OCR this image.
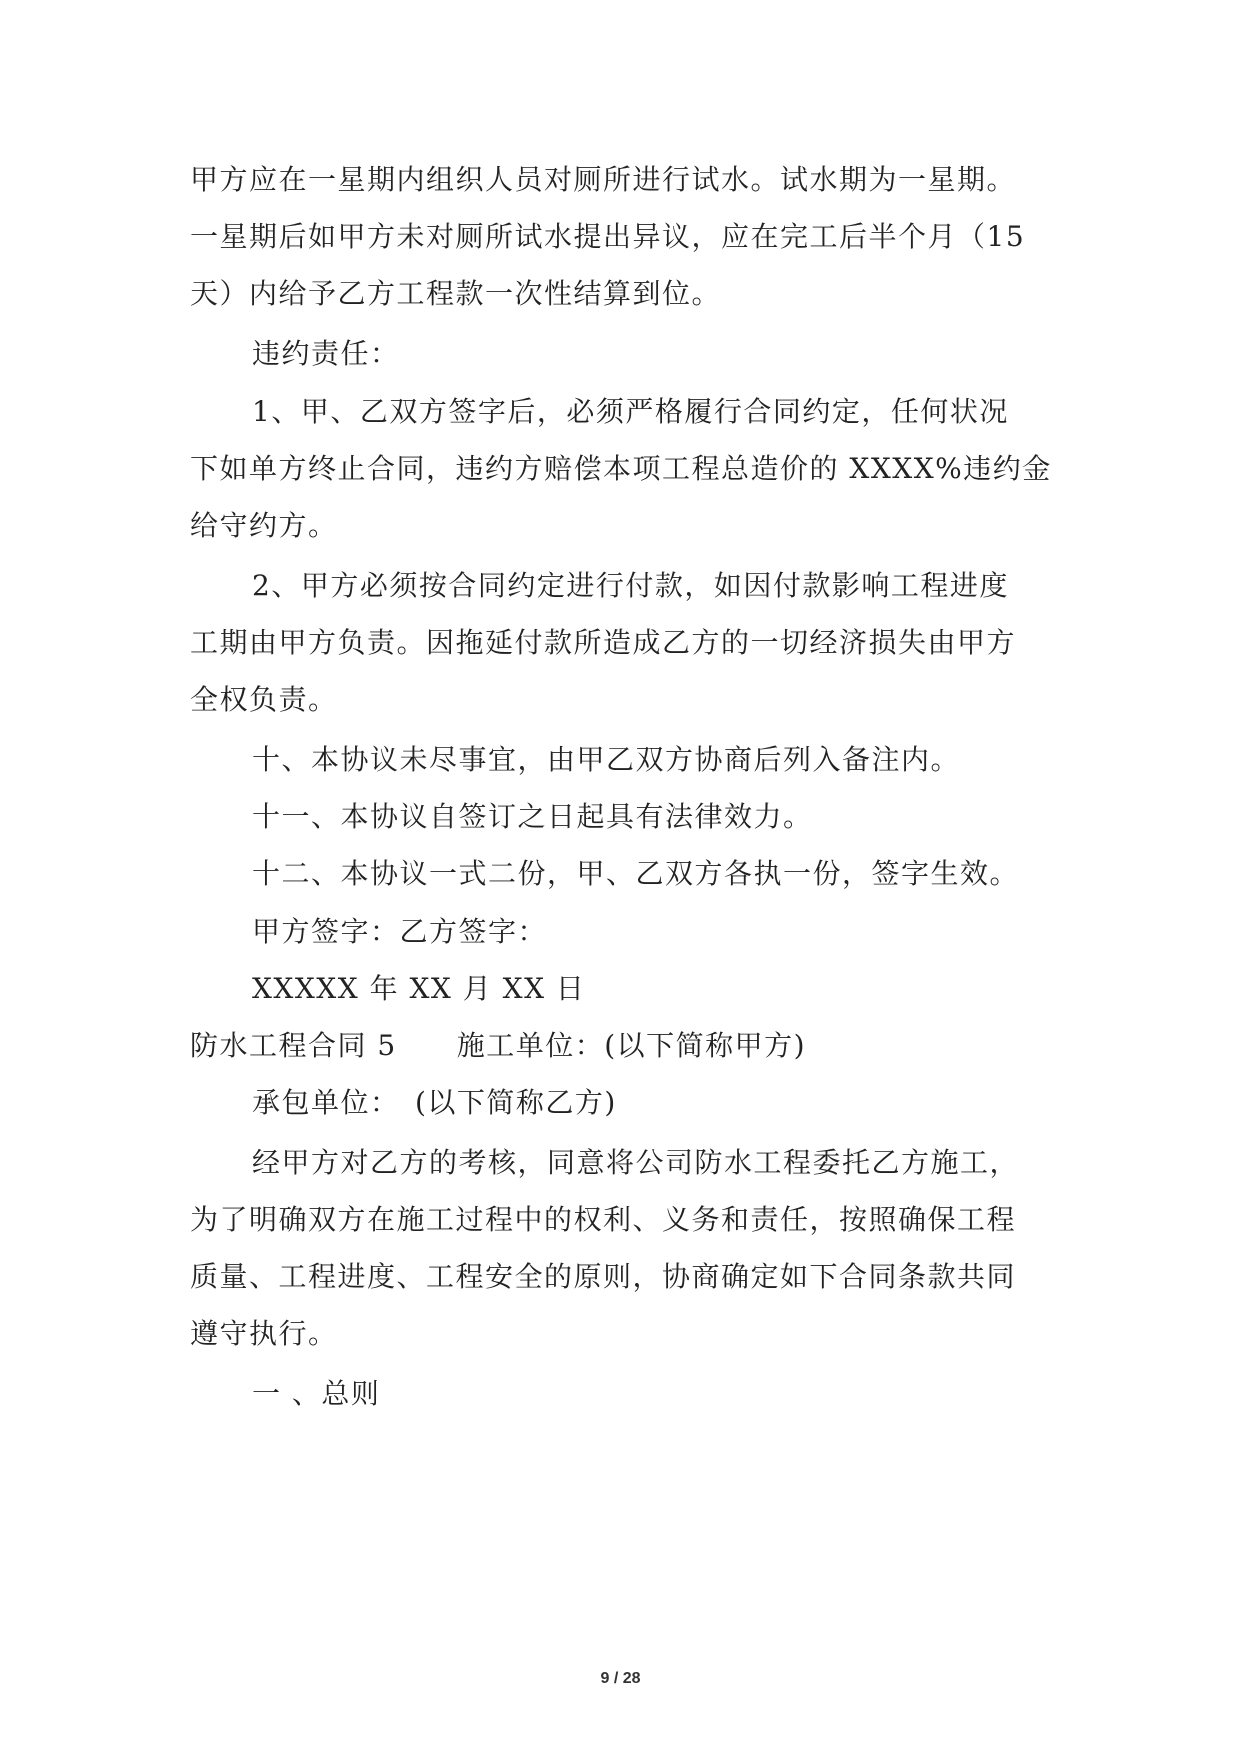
甲方应在一星期内组织人员对厕所进行试水。试水期为一星期。
一星期后如甲方未对厕所试水提出异议，应在完工后半个月（15
天）内给予乙方工程款一次性结算到位。
违约责任：
1、甲、乙双方签字后，必须严格履行合同约定，任何状况
下如单方终止合同，违约方赔偿本项工程总造价的 XXXX%违约金
给守约方。
2、甲方必须按合同约定进行付款，如因付款影响工程进度
工期由甲方负责。因拖延付款所造成乙方的一切经济损失由甲方
全权负责。
十、本协议未尽事宜，由甲乙双方协商后列入备注内。
十一、本协议自签订之日起具有法律效力。
十二、本协议一式二份，甲、乙双方各执一份，签字生效。
甲方签字：乙方签字：
XXXXX 年 XX 月 XX 日
防水工程合同 5 施工单位：(以下简称甲方)
承包单位：　(以下简称乙方)
经甲方对乙方的考核，同意将公司防水工程委托乙方施工，
为了明确双方在施工过程中的权利、义务和责任，按照确保工程
质量、工程进度、工程安全的原则，协商确定如下合同条款共同
遵守执行。
一 、总则
9 / 28
